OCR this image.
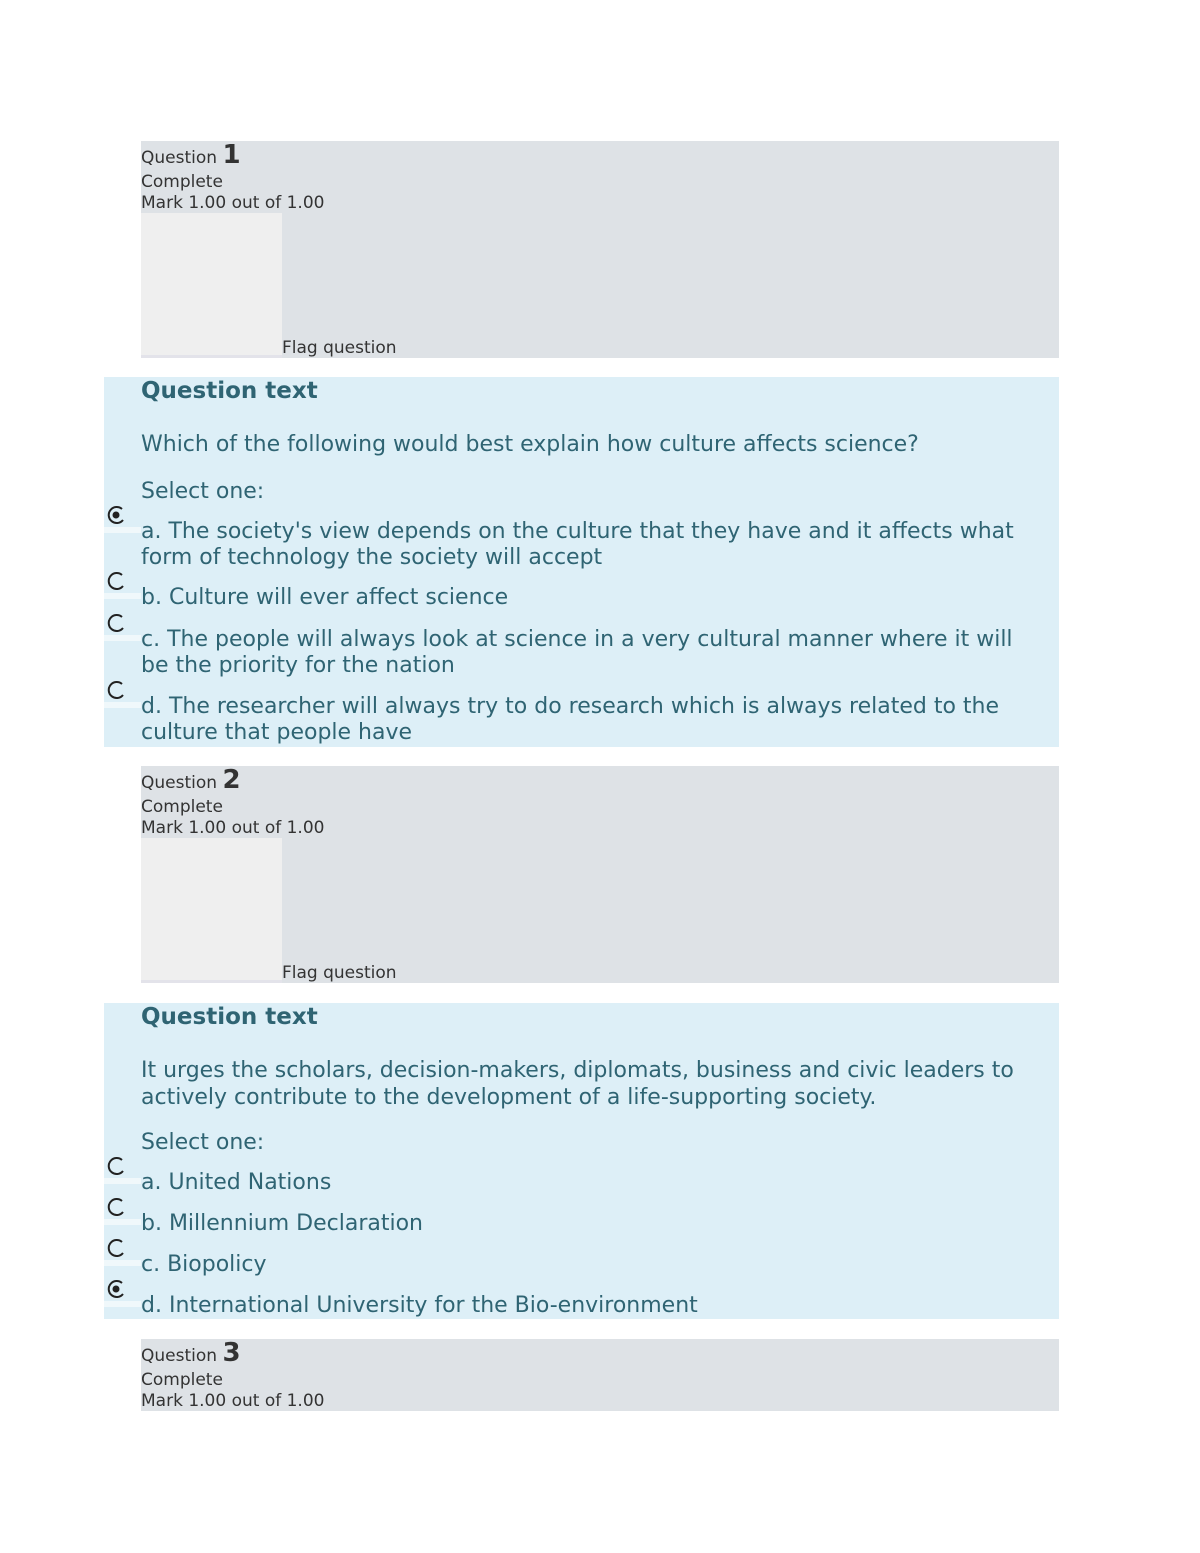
Question 1
Complete
Mark 1.00 out of 1.00
Flag question
Question text
Which of the following would best explain how culture affects science?
Select one:
a. The society's view depends on the culture that they have and it affects what form of technology the society will accept
b. Culture will ever affect science
c. The people will always look at science in a very cultural manner where it will be the priority for the nation
d. The researcher will always try to do research which is always related to the culture that people have
Question 2
Complete
Mark 1.00 out of 1.00
Flag question
Question text
It urges the scholars, decision-makers, diplomats, business and civic leaders to actively contribute to the development of a life-supporting society.
Select one:
a. United Nations
b. Millennium Declaration
c. Biopolicy
d. International University for the Bio-environment
Question 3
Complete
Mark 1.00 out of 1.00
